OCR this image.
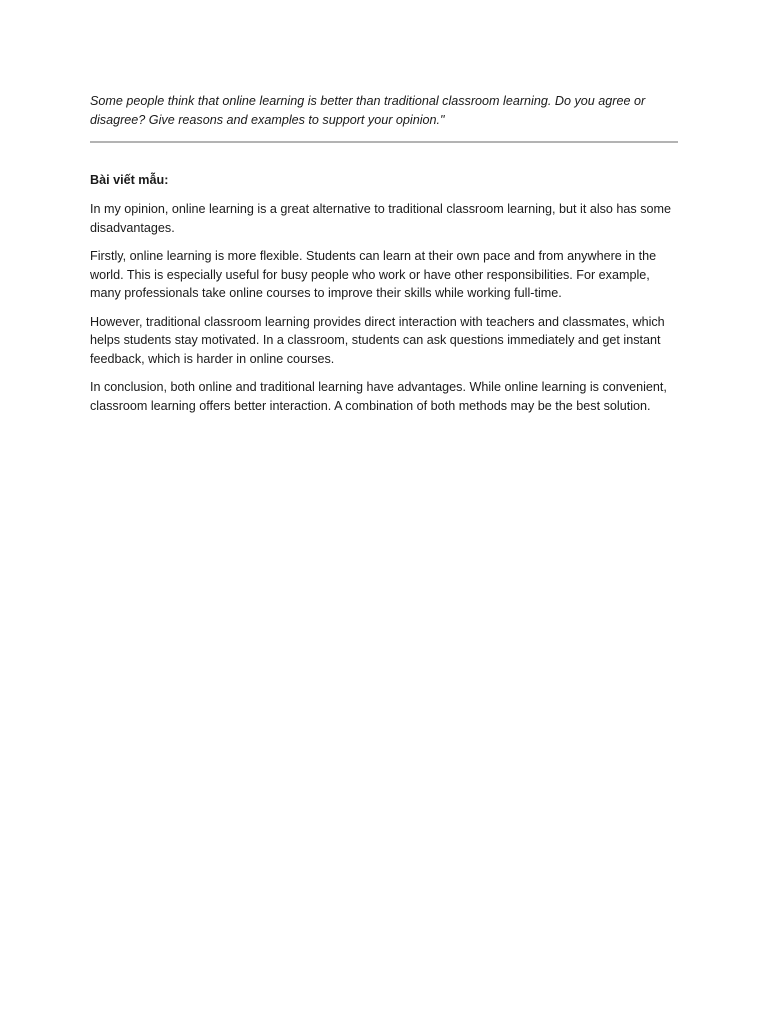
Some people think that online learning is better than traditional classroom learning. Do you agree or disagree? Give reasons and examples to support your opinion."

Bài viết mẫu:

In my opinion, online learning is a great alternative to traditional classroom learning, but it also has some disadvantages.

Firstly, online learning is more flexible. Students can learn at their own pace and from anywhere in the world. This is especially useful for busy people who work or have other responsibilities. For example, many professionals take online courses to improve their skills while working full-time.

However, traditional classroom learning provides direct interaction with teachers and classmates, which helps students stay motivated. In a classroom, students can ask questions immediately and get instant feedback, which is harder in online courses.

In conclusion, both online and traditional learning have advantages. While online learning is convenient, classroom learning offers better interaction. A combination of both methods may be the best solution.
